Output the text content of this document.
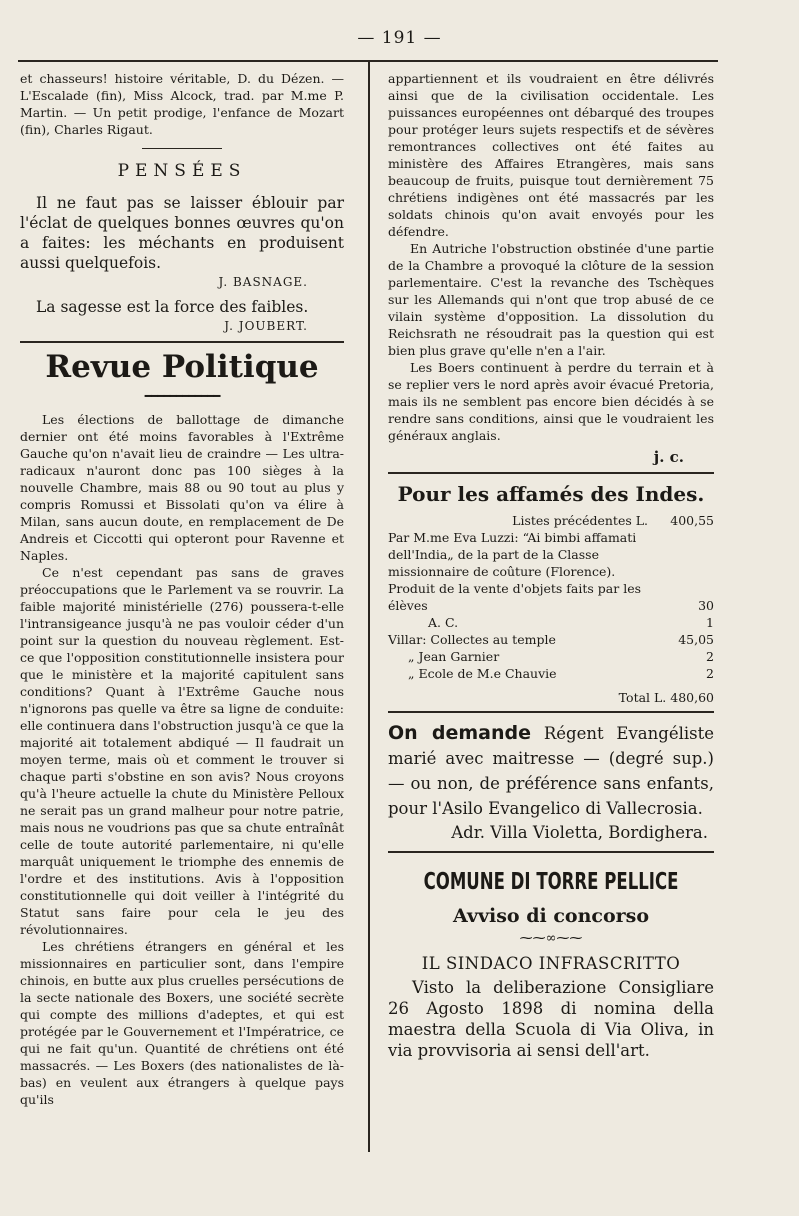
— 191 —

et chasseurs! histoire véritable, D. du Dézen. — L'Escalade (fin), Miss Alcock, trad. par M.me P. Martin. — Un petit prodige, l'enfance de Mozart (fin), Charles Rigaut.

PENSÉES

Il ne faut pas se laisser éblouir par l'éclat de quelques bonnes œuvres qu'on a faites: les méchants en produisent aussi quelquefois.

J. BASNAGE.

La sagesse est la force des faibles.

J. JOUBERT.
Revue Politique
━━━━━━━━━━━━

Les élections de ballottage de dimanche dernier ont été moins favorables à l'Extrême Gauche qu'on n'avait lieu de craindre — Les ultra-radicaux n'auront donc pas 100 sièges à la nouvelle Chambre, mais 88 ou 90 tout au plus y compris Romussi et Bissolati qu'on va élire à Milan, sans aucun doute, en remplacement de De Andreis et Ciccotti qui opteront pour Ravenne et Naples.

Ce n'est cependant pas sans de graves préoccupations que le Parlement va se rouvrir. La faible majorité ministérielle (276) poussera-t-elle l'intransigeance jusqu'à ne pas vouloir céder d'un point sur la question du nouveau règlement. Est-ce que l'opposition constitutionnelle insistera pour que le ministère et la majorité capitulent sans conditions? Quant à l'Extrême Gauche nous n'ignorons pas quelle va être sa ligne de conduite: elle continuera dans l'obstruction jusqu'à ce que la majorité ait totalement abdiqué — Il faudrait un moyen terme, mais où et comment le trouver si chaque parti s'obstine en son avis? Nous croyons qu'à l'heure actuelle la chute du Ministère Pelloux ne serait pas un grand malheur pour notre patrie, mais nous ne voudrions pas que sa chute entraînât celle de toute autorité parlementaire, ni qu'elle marquât uniquement le triomphe des ennemis de l'ordre et des institutions. Avis à l'opposition constitutionnelle qui doit veiller à l'intégrité du Statut sans faire pour cela le jeu des révolutionnaires.

Les chrétiens étrangers en général et les missionnaires en particulier sont, dans l'empire chinois, en butte aux plus cruelles persécutions de la secte nationale des Boxers, une société secrète qui compte des millions d'adeptes, et qui est protégée par le Gouvernement et l'Impératrice, ce qui ne fait qu'un. Quantité de chrétiens ont été massacrés. — Les Boxers (des nationalistes de là-bas) en veulent aux étrangers à quelque pays qu'ils

appartiennent et ils voudraient en être délivrés ainsi que de la civilisation occidentale. Les puissances européennes ont débarqué des troupes pour protéger leurs sujets respectifs et de sévères remontrances collectives ont été faites au ministère des Affaires Etrangères, mais sans beaucoup de fruits, puisque tout dernièrement 75 chrétiens indigènes ont été massacrés par les soldats chinois qu'on avait envoyés pour les défendre.

En Autriche l'obstruction obstinée d'une partie de la Chambre a provoqué la clôture de la session parlementaire. C'est la revanche des Tschèques sur les Allemands qui n'ont que trop abusé de ce vilain système d'opposition. La dissolution du Reichsrath ne résoudrait pas la question qui est bien plus grave qu'elle n'en a l'air.

Les Boers continuent à perdre du terrain et à se replier vers le nord après avoir évacué Pretoria, mais ils ne semblent pas encore bien décidés à se rendre sans conditions, ainsi que le voudraient les généraux anglais.

j. c.
Pour les affamés des Indes.
Listes précédentes L.	400,55
Par M.me Eva Luzzi: “Ai bimbi affamati dell'India„ de la part de la Classe missionnaire de coûture (Florence). Produit de la vente d'objets faits par les élèves	30
A. C.	1
Villar: Collectes au temple	45,05
„ Jean Garnier	2
„ Ecole de M.e Chauvie	2
Total L. 480,60

On demande Régent Evangéliste marié avec maitresse — (degré sup.) — ou non, de préférence sans enfants, pour l'Asilo Evangelico di Vallecrosia.

Adr. Villa Violetta, Bordighera.
COMUNE DI TORRE PELLICE
Avviso di concorso
⁓⁓∞⁓⁓
IL SINDACO INFRASCRITTO

Visto la deliberazione Consigliare 26 Agosto 1898 di nomina della maestra della Scuola di Via Oliva, in via provvisoria ai sensi dell'art.
